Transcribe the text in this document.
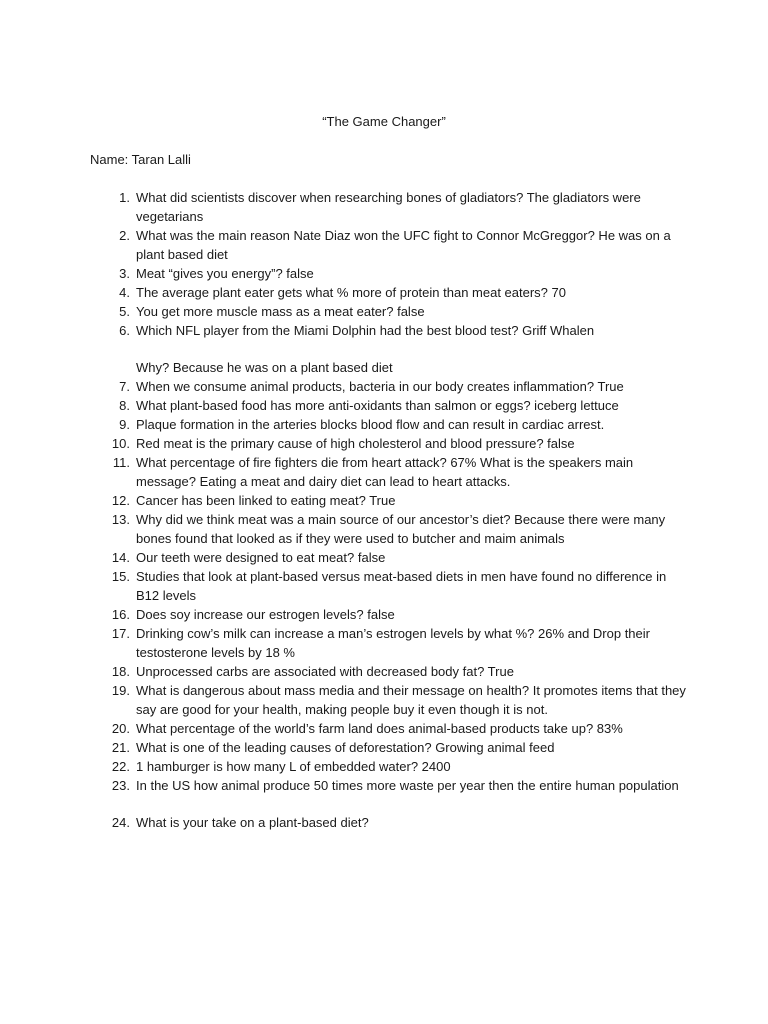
“The Game Changer”
Name: Taran Lalli
1. What did scientists discover when researching bones of gladiators? The gladiators were vegetarians
2. What was the main reason Nate Diaz won the UFC fight to Connor McGreggor? He was on a plant based diet
3. Meat “gives you energy”? false
4. The average plant eater gets what % more of protein than meat eaters? 70
5. You get more muscle mass as a meat eater? false
6. Which NFL player from the Miami Dolphin had the best blood test? Griff Whalen
Why? Because he was on a plant based diet
7. When we consume animal products, bacteria in our body creates inflammation? True
8. What plant-based food has more anti-oxidants than salmon or eggs? iceberg lettuce
9. Plaque formation in the arteries blocks blood flow and can result in cardiac arrest.
10. Red meat is the primary cause of high cholesterol and blood pressure? false
11. What percentage of fire fighters die from heart attack? 67% What is the speakers main message? Eating a meat and dairy diet can lead to heart attacks.
12. Cancer has been linked to eating meat? True
13. Why did we think meat was a main source of our ancestor’s diet? Because there were many bones found that looked as if they were used to butcher and maim animals
14. Our teeth were designed to eat meat? false
15. Studies that look at plant-based versus meat-based diets in men have found no difference in B12 levels
16. Does soy increase our estrogen levels? false
17. Drinking cow’s milk can increase a man’s estrogen levels by what %? 26% and Drop their testosterone levels by 18 %
18. Unprocessed carbs are associated with decreased body fat? True
19. What is dangerous about mass media and their message on health? It promotes items that they say are good for your health, making people buy it even though it is not.
20. What percentage of the world’s farm land does animal-based products take up? 83%
21. What is one of the leading causes of deforestation? Growing animal feed
22. 1 hamburger is how many L of embedded water? 2400
23. In the US how animal produce 50 times more waste per year then the entire human population
24. What is your take on a plant-based diet?
